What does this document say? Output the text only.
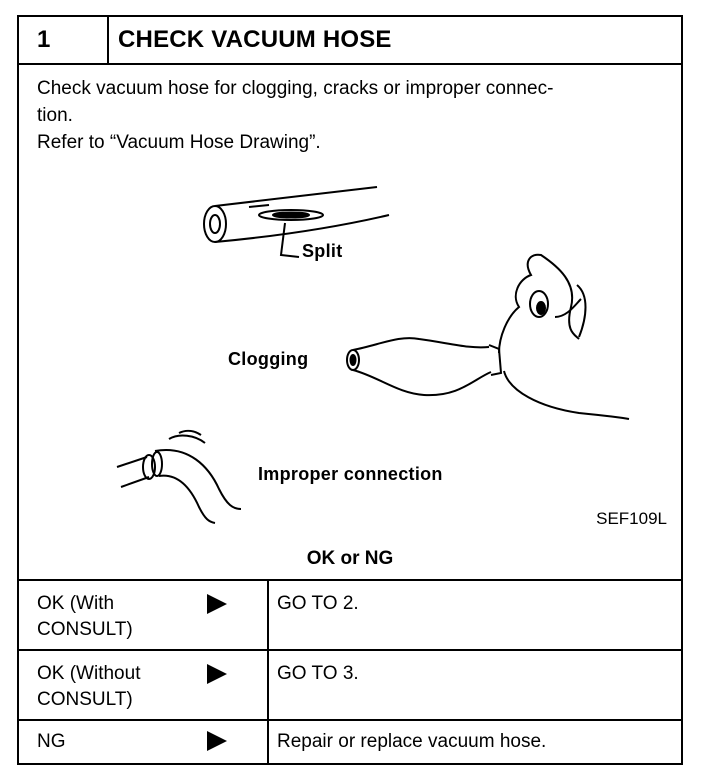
1	CHECK VACUUM HOSE
Check vacuum hose for clogging, cracks or improper connec-
tion.
Refer to “Vacuum Hose Drawing”.
Split
Clogging
Improper connection
SEF109L
OK or NG
OK (With
CONSULT)
GO TO 2.
OK (Without
CONSULT)
GO TO 3.
NG	Repair or replace vacuum hose.
